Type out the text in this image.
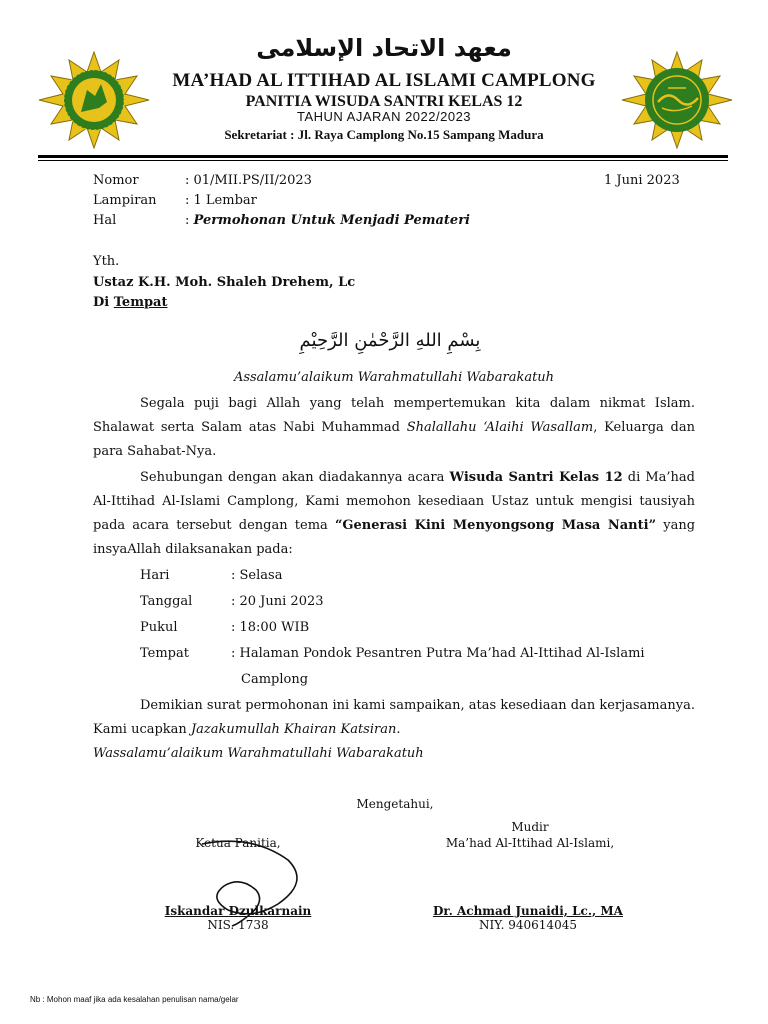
معهد الاتحاد الإسلامى
MA’HAD AL ITTIHAD AL ISLAMI CAMPLONG
PANITIA WISUDA SANTRI KELAS 12
TAHUN AJARAN 2022/2023
Sekretariat : Jl. Raya Camplong No.15 Sampang Madura
Nomor	: 01/MII.PS/II/2023	1 Juni 2023
Lampiran : 1 Lembar
Hal	: Permohonan Untuk Menjadi Pemateri
Yth.
Ustaz K.H. Moh. Shaleh Drehem, Lc
Di Tempat
بِسْمِ اللهِ الرَّحْمٰنِ الرَّحِيْمِ
Assalamu’alaikum Warahmatullahi Wabarakatuh
Segala puji bagi Allah yang telah mempertemukan kita dalam nikmat Islam. Shalawat serta Salam atas Nabi Muhammad Shalallahu ‘Alaihi Wasallam, Keluarga dan para Sahabat-Nya.
Sehubungan dengan akan diadakannya acara Wisuda Santri Kelas 12 di Ma’had Al-Ittihad Al-Islami Camplong, Kami memohon kesediaan Ustaz untuk mengisi tausiyah pada acara tersebut dengan tema “Generasi Kini Menyongsong Masa Nanti” yang insyaAllah dilaksanakan pada:
Hari	: Selasa
Tanggal	: 20 Juni 2023
Pukul	: 18:00 WIB
Tempat	: Halaman Pondok Pesantren Putra Ma’had Al-Ittihad Al-Islami
Camplong
Demikian surat permohonan ini kami sampaikan, atas kesediaan dan kerjasamanya. Kami ucapkan Jazakumullah Khairan Katsiran.
Wassalamu’alaikum Warahmatullahi Wabarakatuh
Mengetahui,
Mudir
Ketua Panitia,	Ma’had Al-Ittihad Al-Islami,
Iskandar Dzulkarnain
NIS. 1738
Dr. Achmad Junaidi, Lc., MA
NIY. 940614045
Nb : Mohon maaf jika ada kesalahan penulisan nama/gelar
